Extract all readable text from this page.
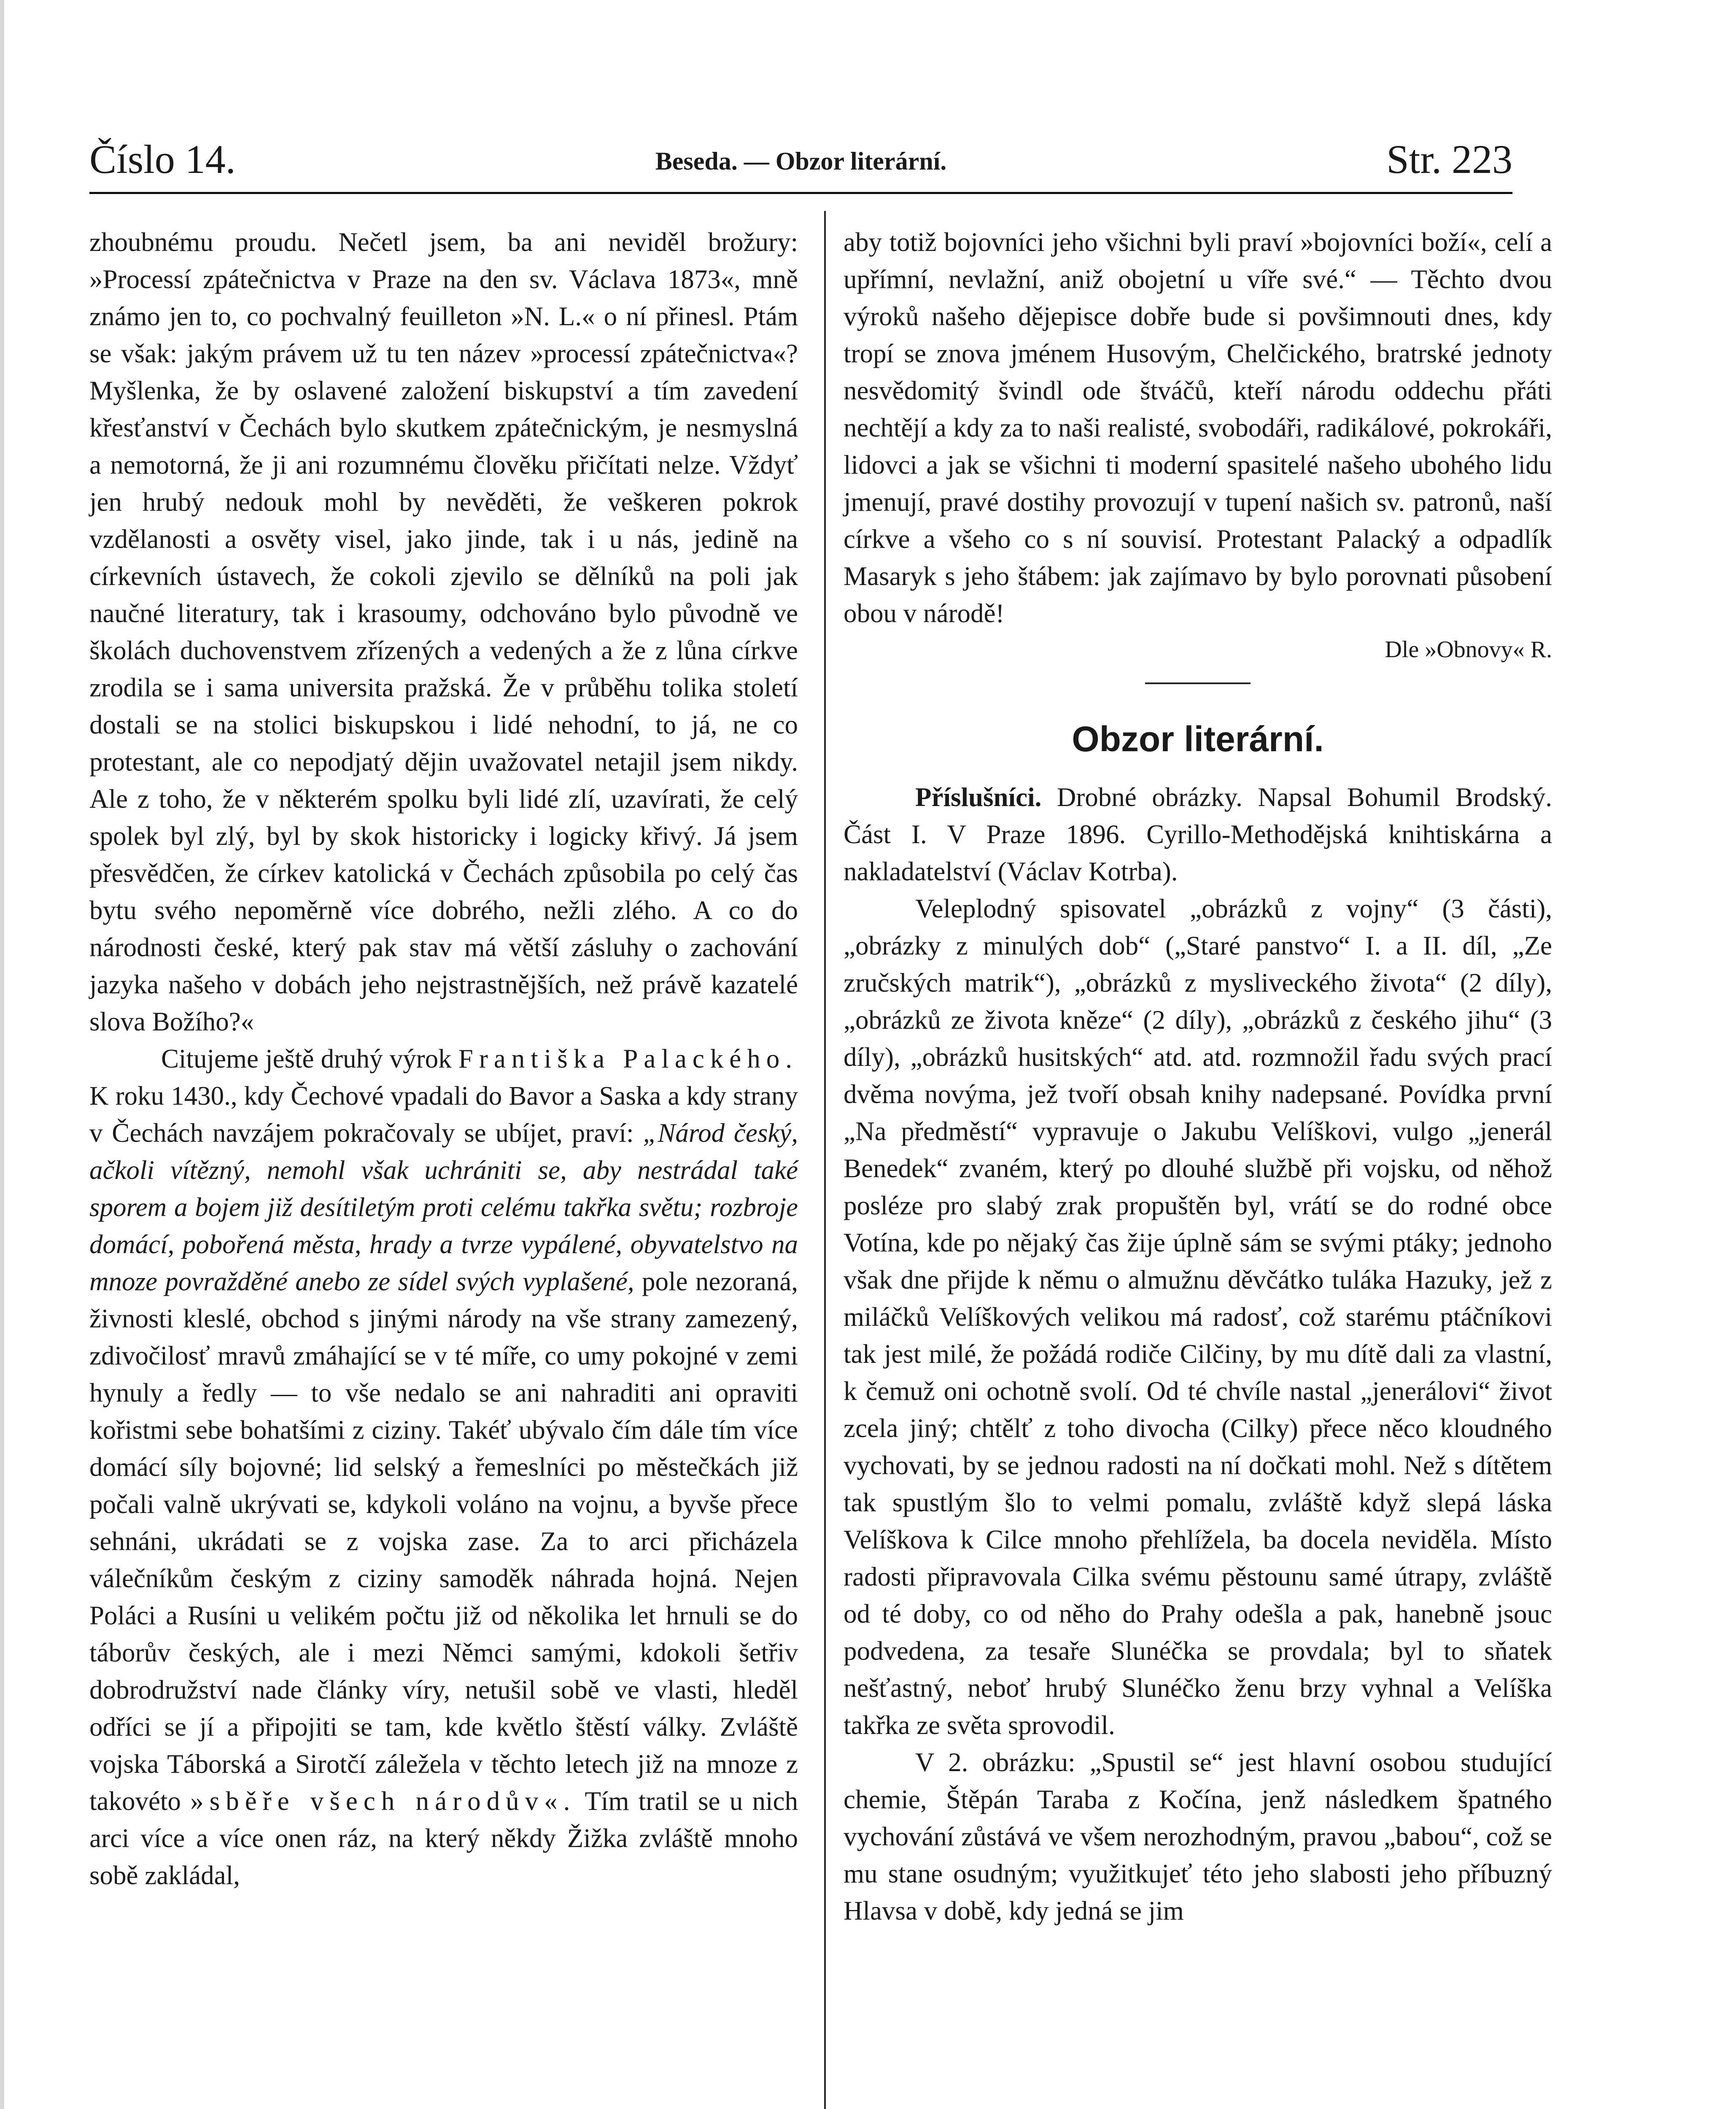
Číslo 14.	Beseda. — Obzor literární.	Str. 223

zhoubnému proudu. Nečetl jsem, ba ani neviděl brožury: »Processí zpátečnictva v Praze na den sv. Václava 1873«, mně známo jen to, co pochvalný feuilleton »N. L.« o ní přinesl. Ptám se však: jakým právem už tu ten název »processí zpátečnictva«? Myšlenka, že by oslavené založení biskupství a tím zavedení křesťanství v Čechách bylo skutkem zpátečnickým, je nesmyslná a nemotorná, že ji ani rozumnému člověku přičítati nelze. Vždyť jen hrubý nedouk mohl by nevěděti, že veškeren pokrok vzdělanosti a osvěty visel, jako jinde, tak i u nás, jedině na církevních ústavech, že cokoli zjevilo se dělníků na poli jak naučné literatury, tak i krasoumy, odchováno bylo původně ve školách duchovenstvem zřízených a vedených a že z lůna církve zrodila se i sama universita pražská. Že v průběhu tolika století dostali se na stolici biskupskou i lidé nehodní, to já, ne co protestant, ale co nepodjatý dějin uvažovatel netajil jsem nikdy. Ale z toho, že v některém spolku byli lidé zlí, uzavírati, že celý spolek byl zlý, byl by skok historicky i logicky křivý. Já jsem přesvědčen, že církev katolická v Čechách způsobila po celý čas bytu svého nepoměrně více dobrého, nežli zlého. A co do národnosti české, který pak stav má větší zásluhy o zachování jazyka našeho v dobách jeho nejstrastnějších, než právě kazatelé slova Božího?«

Citujeme ještě druhý výrok Františka Palackého. K roku 1430., kdy Čechové vpadali do Bavor a Saska a kdy strany v Čechách navzájem pokračovaly se ubíjet, praví: „Národ český, ačkoli vítězný, nemohl však uchrániti se, aby nestrádal také sporem a bojem již desítiletým proti celému takřka světu; rozbroje domácí, pobořená města, hrady a tvrze vypálené, obyvatelstvo na mnoze povražděné anebo ze sídel svých vyplašené, pole nezoraná, živnosti kleslé, obchod s jinými národy na vše strany zamezený, zdivočilosť mravů zmáhající se v té míře, co umy pokojné v zemi hynuly a ředly — to vše nedalo se ani nahraditi ani opraviti kořistmi sebe bohatšími z ciziny. Takéť ubývalo čím dále tím více domácí síly bojovné; lid selský a řemeslníci po městečkách již počali valně ukrývati se, kdykoli voláno na vojnu, a byvše přece sehnáni, ukrádati se z vojska zase. Za to arci přicházela válečníkům českým z ciziny samoděk náhrada hojná. Nejen Poláci a Rusíni u velikém počtu již od několika let hrnuli se do táborův českých, ale i mezi Němci samými, kdokoli šetřiv dobrodružství nade články víry, netušil sobě ve vlasti, hleděl odříci se jí a připojiti se tam, kde květlo štěstí války. Zvláště vojska Táborská a Sirotčí záleželа v těchto letech již na mnoze z takovéto »sběře všech národův«. Tím tratil se u nich arci více a více onen ráz, na který někdy Žižka zvláště mnoho sobě zakládal,

aby totiž bojovníci jeho všichni byli praví »bojovníci boží«, celí a upřímní, nevlažní, aniž obojetní u víře své.“ — Těchto dvou výroků našeho dějepisce dobře bude si povšimnouti dnes, kdy tropí se znova jménem Husovým, Chelčického, bratrské jednoty nesvědomitý švindl ode štváčů, kteří národu oddechu přáti nechtějí a kdy za to naši realisté, svobodáři, radikálové, pokrokáři, lidovci a jak se všichni ti moderní spasitelé našeho ubohého lidu jmenují, pravé dostihy provozují v tupení našich sv. patronů, naší církve a všeho co s ní souvisí. Protestant Palacký a odpadlík Masaryk s jeho štábem: jak zajímavo by bylo porovnati působení obou v národě!

Dle »Obnovy« R.

Obzor literární.

Příslušníci. Drobné obrázky. Napsal Bohumil Brodský. Část I. V Praze 1896. Cyrillo-Methodějská knihtiskárna a nakladatelství (Václav Kotrba).

Veleplodný spisovatel „obrázků z vojny“ (3 části), „obrázky z minulých dob“ („Staré panstvo“ I. a II. díl, „Ze zručských matrik“), „obrázků z mysliveckého života“ (2 díly), „obrázků ze života kněze“ (2 díly), „obrázků z českého jihu“ (3 díly), „obrázků husitských“ atd. atd. rozmnožil řadu svých prací dvěma novýma, jež tvoří obsah knihy nadepsané. Povídka první „Na předměstí“ vypravuje o Jakubu Velíškovi, vulgo „jenerál Benedek“ zvaném, který po dlouhé službě při vojsku, od něhož posléze pro slabý zrak propuštěn byl, vrátí se do rodné obce Votína, kde po nějaký čas žije úplně sám se svými ptáky; jednoho však dne přijde k němu o almužnu děvčátko tuláka Hazuky, jež z miláčků Velíškových velikou má radosť, což starému ptáčníkovi tak jest milé, že požádá rodiče Cilčiny, by mu dítě dali za vlastní, k čemuž oni ochotně svolí. Od té chvíle nastal „jenerálovi“ život zcela jiný; chtělť z toho divocha (Cilky) přece něco kloudného vychovati, by se jednou radosti na ní dočkati mohl. Než s dítětem tak spustlým šlo to velmi pomalu, zvláště když slepá láska Velíškova k Cilce mnoho přehlížela, ba docela neviděla. Místo radosti připravovala Cilka svému pěstounu samé útrapy, zvláště od té doby, co od něho do Prahy odešla a pak, hanebně jsouc podvedena, za tesaře Slunéčka se provdala; byl to sňatek nešťastný, neboť hrubý Slunéčko ženu brzy vyhnal a Velíška takřka ze světa sprovodil.

V 2. obrázku: „Spustil se“ jest hlavní osobou studující chemie, Štěpán Taraba z Kočína, jenž následkem špatného vychování zůstává ve všem nerozhodným, pravou „babou“, což se mu stane osudným; využitkujeť této jeho slabosti jeho příbuzný Hlavsa v době, kdy jedná se jim
